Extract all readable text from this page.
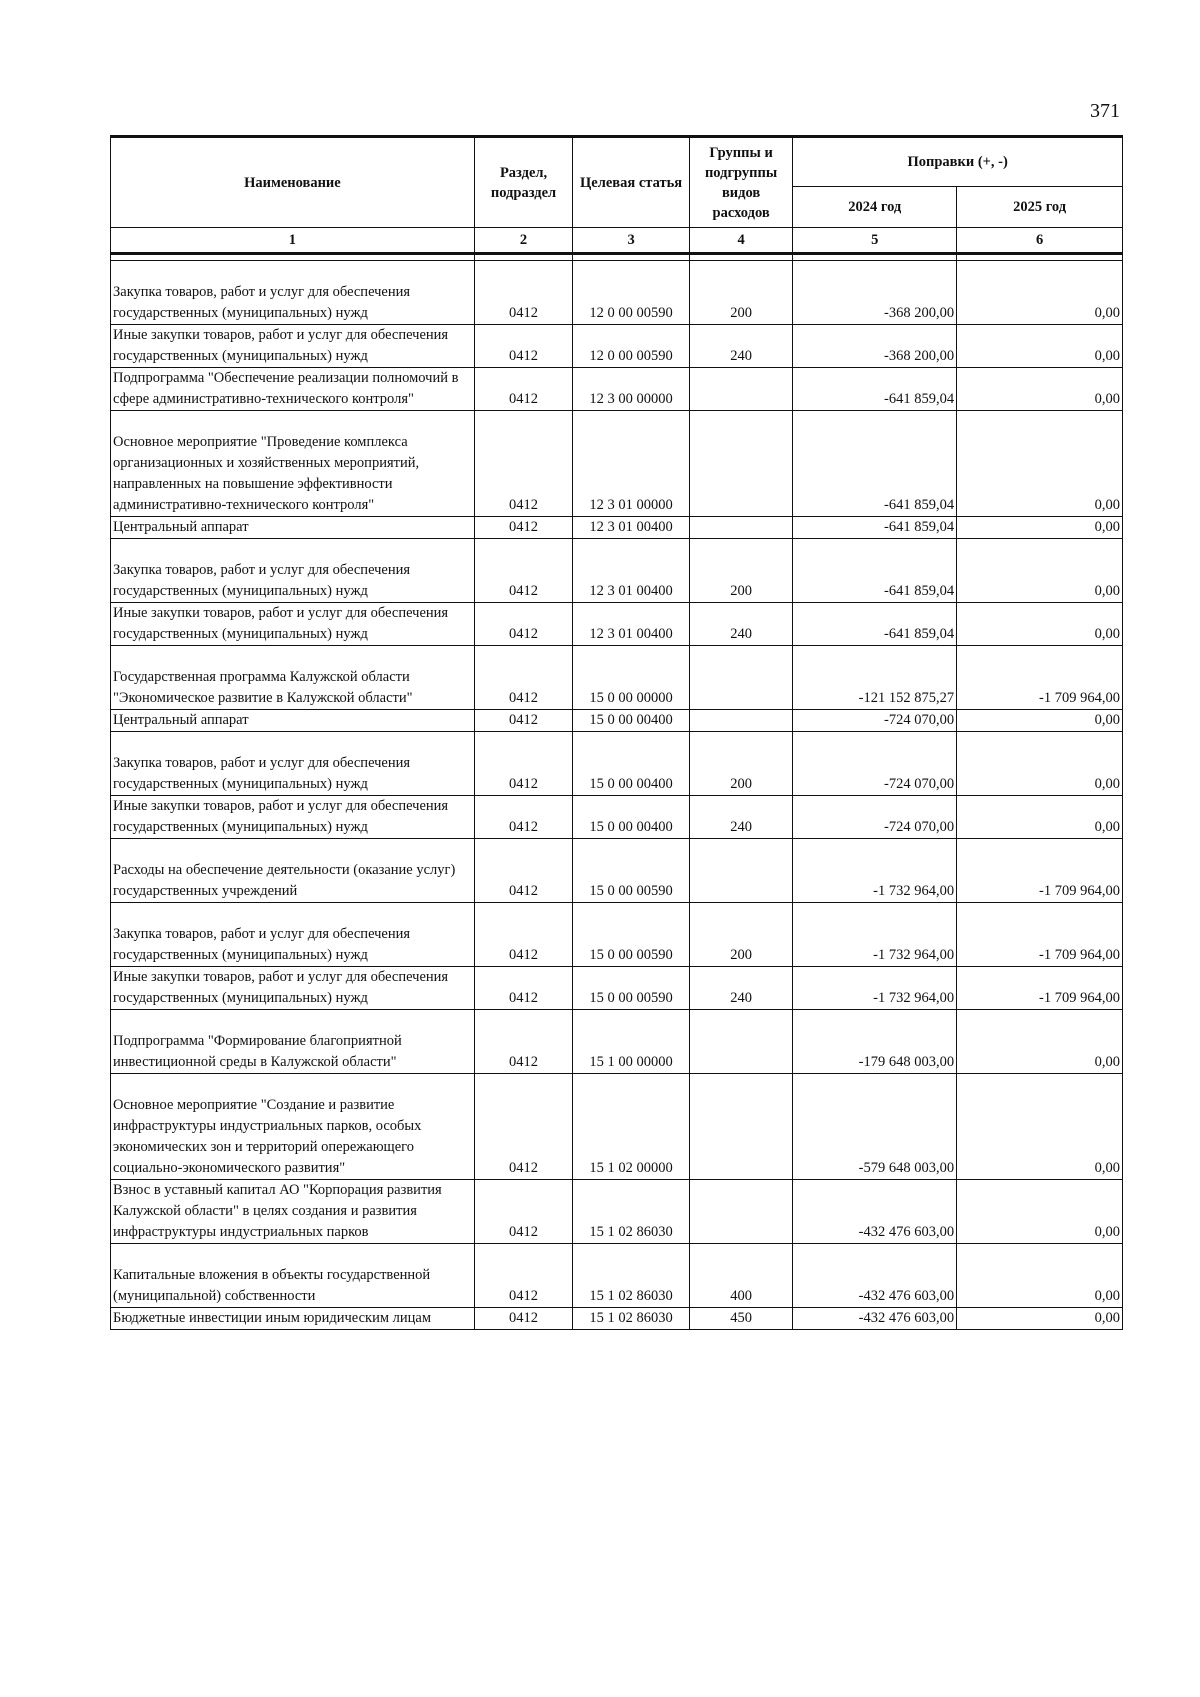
371
Наименование	Раздел, подраздел	Целевая статья	Группы и подгруппы видов расходов	Поправки (+, -)	
				2024 год	2025 год
1	2	3	4	5	6

Закупка товаров, работ и услуг для обеспечения государственных (муниципальных) нужд	0412	12 0 00 00590	200	-368 200,00	0,00
Иные закупки товаров, работ и услуг для обеспечения государственных (муниципальных) нужд	0412	12 0 00 00590	240	-368 200,00	0,00
Подпрограмма "Обеспечение реализации полномочий в сфере административно-технического контроля"	0412	12 3 00 00000		-641 859,04	0,00
Основное мероприятие "Проведение комплекса организационных и хозяйственных мероприятий, направленных на повышение эффективности административно-технического контроля"	0412	12 3 01 00000		-641 859,04	0,00
Центральный аппарат	0412	12 3 01 00400		-641 859,04	0,00
Закупка товаров, работ и услуг для обеспечения государственных (муниципальных) нужд	0412	12 3 01 00400	200	-641 859,04	0,00
Иные закупки товаров, работ и услуг для обеспечения государственных (муниципальных) нужд	0412	12 3 01 00400	240	-641 859,04	0,00
Государственная программа Калужской области "Экономическое развитие в Калужской области"	0412	15 0 00 00000		-121 152 875,27	-1 709 964,00
Центральный аппарат	0412	15 0 00 00400		-724 070,00	0,00
Закупка товаров, работ и услуг для обеспечения государственных (муниципальных) нужд	0412	15 0 00 00400	200	-724 070,00	0,00
Иные закупки товаров, работ и услуг для обеспечения государственных (муниципальных) нужд	0412	15 0 00 00400	240	-724 070,00	0,00
Расходы на обеспечение деятельности (оказание услуг) государственных учреждений	0412	15 0 00 00590		-1 732 964,00	-1 709 964,00
Закупка товаров, работ и услуг для обеспечения государственных (муниципальных) нужд	0412	15 0 00 00590	200	-1 732 964,00	-1 709 964,00
Иные закупки товаров, работ и услуг для обеспечения государственных (муниципальных) нужд	0412	15 0 00 00590	240	-1 732 964,00	-1 709 964,00
Подпрограмма "Формирование благоприятной инвестиционной среды в Калужской области"	0412	15 1 00 00000		-179 648 003,00	0,00
Основное мероприятие "Создание и развитие инфраструктуры индустриальных парков, особых экономических зон и территорий опережающего социально-экономического развития"	0412	15 1 02 00000		-579 648 003,00	0,00
Взнос в уставный капитал АО "Корпорация развития Калужской области" в целях создания и развития инфраструктуры индустриальных парков	0412	15 1 02 86030		-432 476 603,00	0,00
Капитальные вложения в объекты государственной (муниципальной) собственности	0412	15 1 02 86030	400	-432 476 603,00	0,00
Бюджетные инвестиции иным юридическим лицам	0412	15 1 02 86030	450	-432 476 603,00	0,00
